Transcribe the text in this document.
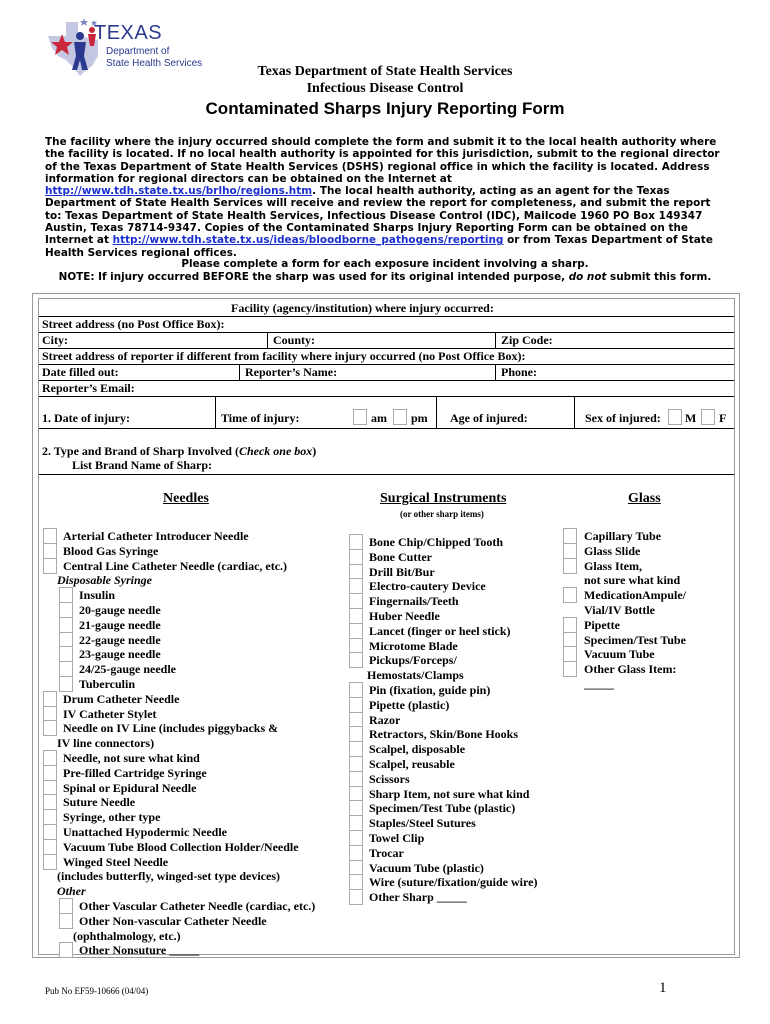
TEXAS
Department of
State Health Services
Texas Department of State Health Services
Infectious Disease Control
Contaminated Sharps Injury Reporting Form
The facility where the injury occurred should complete the form and submit it to the local health authority where the facility is located. If no local health authority is appointed for this jurisdiction, submit to the regional director of the Texas Department of State Health Services (DSHS) regional office in which the facility is located. Address information for regional directors can be obtained on the Internet at http://www.tdh.state.tx.us/brlho/regions.htm. The local health authority, acting as an agent for the Texas Department of State Health Services will receive and review the report for completeness, and submit the report to: Texas Department of State Health Services, Infectious Disease Control (IDC), Mailcode 1960 PO Box 149347 Austin, Texas 78714-9347. Copies of the Contaminated Sharps Injury Reporting Form can be obtained on the Internet at http://www.tdh.state.tx.us/ideas/bloodborne_pathogens/reporting or from Texas Department of State Health Services regional offices.
Please complete a form for each exposure incident involving a sharp.
NOTE: If injury occurred BEFORE the sharp was used for its original intended purpose, do not submit this form.
Facility (agency/institution) where injury occurred:
Street address (no Post Office Box):
City:	County:	Zip Code:
Street address of reporter if different from facility where injury occurred (no Post Office Box):
Date filled out:	Reporter’s Name:	Phone:
Reporter’s Email:
1. Date of injury:	Time of injury:	am pm Age of injured:	Sex of injured: M F
2. Type and Brand of Sharp Involved (Check one box)
List Brand Name of Sharp:
Needles	Surgical Instruments
(or other sharp items)
Glass
Arterial Catheter Introducer Needle
Blood Gas Syringe
Central Line Catheter Needle (cardiac, etc.)
Disposable Syringe
Insulin
20-gauge needle
21-gauge needle
22-gauge needle
23-gauge needle
24/25-gauge needle
Tuberculin
Drum Catheter Needle
IV Catheter Stylet
Needle on IV Line (includes piggybacks &
IV line connectors)
Needle, not sure what kind
Pre-filled Cartridge Syringe
Spinal or Epidural Needle
Suture Needle
Syringe, other type
Unattached Hypodermic Needle
Vacuum Tube Blood Collection Holder/Needle
Winged Steel Needle
(includes butterfly, winged-set type devices)
Other
Other Vascular Catheter Needle (cardiac, etc.)
Other Non-vascular Catheter Needle
(ophthalmology, etc.)
Other Nonsuture _____
Bone Chip/Chipped Tooth
Bone Cutter
Drill Bit/Bur
Electro-cautery Device
Fingernails/Teeth
Huber Needle
Lancet (finger or heel stick)
Microtome Blade
Pickups/Forceps/
Hemostats/Clamps
Pin (fixation, guide pin)
Pipette (plastic)
Razor
Retractors, Skin/Bone Hooks
Scalpel, disposable
Scalpel, reusable
Scissors
Sharp Item, not sure what kind
Specimen/Test Tube (plastic)
Staples/Steel Sutures
Towel Clip
Trocar
Vacuum Tube (plastic)
Wire (suture/fixation/guide wire)
Other Sharp _____
Capillary Tube
Glass Slide
Glass Item,
not sure what kind
MedicationAmpule/
Vial/IV Bottle
Pipette
Specimen/Test Tube
Vacuum Tube
Other Glass Item:
_____
Pub No EF59-10666 (04/04)	1
